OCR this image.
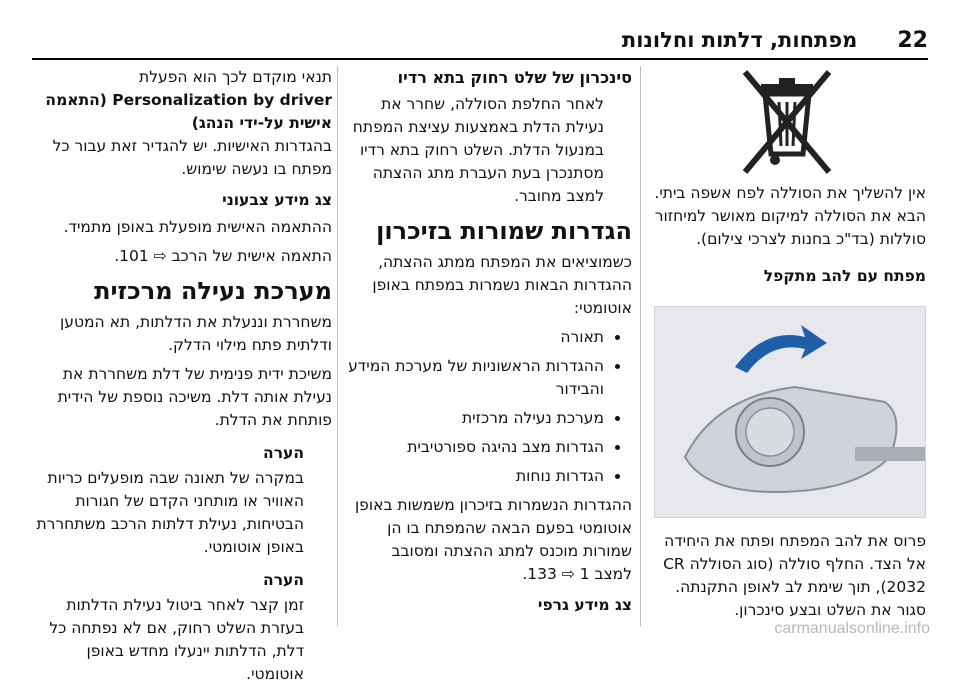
22
מפתחות, דלתות וחלונות

אין להשליך את הסוללה לפח אשפה ביתי. הבא את הסוללה למיקום מאושר למיחזור סוללות (בד"כ בחנות לצרכי צילום).

מפתח עם להב מתקפל

פרוס את להב המפתח ופתח את היחידה אל הצד. החלף סוללה (סוג הסוללה CR 2032), תוך שימת לב לאופן התקנתה. סגור את השלט ובצע סינכרון.

סינכרון של שלט רחוק בתא רדיו

לאחר החלפת הסוללה, שחרר את נעילת הדלת באמצעות עציצת המפתח במנעול הדלת. השלט רחוק בתא רדיו מסתנכרן בעת העברת מתג ההצתה למצב מחובר.

הגדרות שמורות בזיכרון

כשמוציאים את המפתח ממתג ההצתה, ההגדרות הבאות נשמרות במפתח באופן אוטומטי:

• תאורה
• ההגדרות הראשוניות של מערכת המידע והבידור
• מערכת נעילה מרכזית
• הגדרות מצב נהיגה ספורטיבית
• הגדרות נוחות

ההגדרות הנשמרות בזיכרון משמשות באופן אוטומטי בפעם הבאה שהמפתח בו הן שמורות מוכנס למתג ההצתה ומסובב

למצב 1 ⇨ 133.

צג מידע גרפי

תנאי מוקדם לכך הוא הפעלת

Personalization by driver (התאמה

אישית על-ידי הנהג)

בהגדרות האישיות. יש להגדיר זאת עבור כל מפתח בו נעשה שימוש.

צג מידע צבעוני

ההתאמה האישית מופעלת באופן מתמיד.

התאמה אישית של הרכב ⇨ 101.

מערכת נעילה מרכזית

משחררת וננעלת את הדלתות, תא המטען ודלתית פתח מילוי הדלק.

משיכת ידית פנימית של דלת משחררת את נעילת אותה דלת. משיכה נוספת של הידית פותחת את הדלת.

הערה

במקרה של תאונה שבה מופעלים כריות האוויר או מותחני הקדם של חגורות הבטיחות, נעילת דלתות הרכב משתחררת באופן אוטומטי.

הערה

זמן קצר לאחר ביטול נעילת הדלתות בעזרת השלט רחוק, אם לא נפתחה כל דלת, הדלתות יינעלו מחדש באופן אוטומטי.

carmanualsonline.info
